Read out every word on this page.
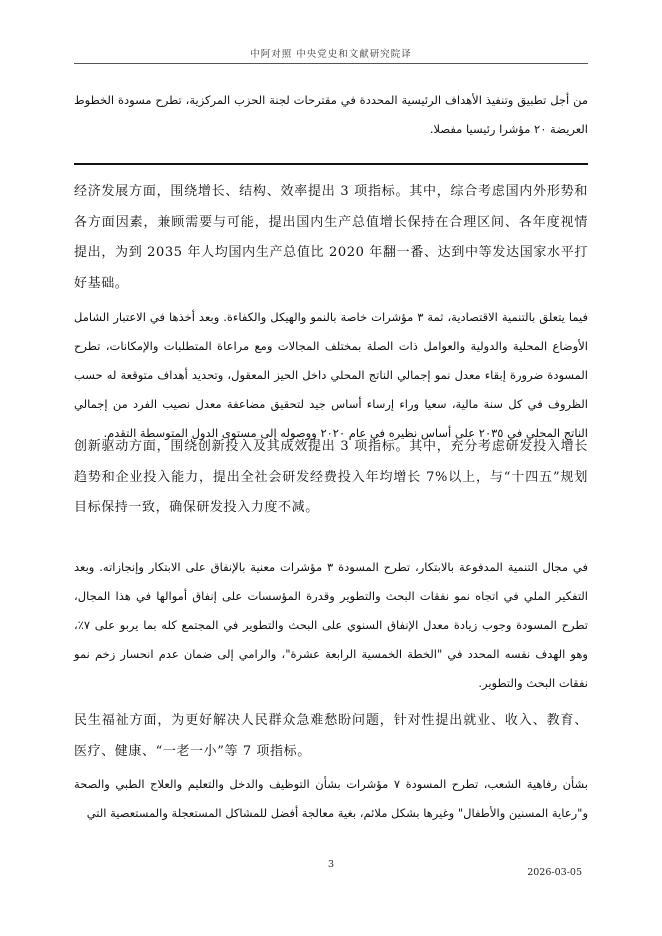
中阿对照 中央党史和文献研究院译

من أجل تطبيق وتنفيذ الأهداف الرئيسية المحددة في مقترحات لجنة الحزب المركزية، تطرح مسودة الخطوط العريضة ٢٠ مؤشرا رئيسيا مفصلا.

经济发展方面，围绕增长、结构、效率提出 3 项指标。其中，综合考虑国内外形势和各方面因素，兼顾需要与可能，提出国内生产总值增长保持在合理区间、各年度视情提出，为到 2035 年人均国内生产总值比 2020 年翻一番、达到中等发达国家水平打好基础。

فيما يتعلق بالتنمية الاقتصادية، ثمة ٣ مؤشرات خاصة بالنمو والهيكل والكفاءة. وبعد أخذها في الاعتبار الشامل الأوضاع المحلية والدولية والعوامل ذات الصلة بمختلف المجالات ومع مراعاة المتطلبات والإمكانات، تطرح المسودة ضرورة إبقاء معدل نمو إجمالي الناتج المحلي داخل الحيز المعقول، وتحديد أهداف متوقعة له حسب الظروف في كل سنة مالية، سعيا وراء إرساء أساس جيد لتحقيق مضاعفة معدل نصيب الفرد من إجمالي الناتج المحلي في ٢٠٣٥ على أساس نظيره في عام ٢٠٢٠ ووصوله إلى مستوى الدول المتوسطة التقدم.

创新驱动方面，围绕创新投入及其成效提出 3 项指标。其中，充分考虑研发投入增长趋势和企业投入能力，提出全社会研发经费投入年均增长 7%以上，与“十四五”规划目标保持一致，确保研发投入力度不减。

في مجال التنمية المدفوعة بالابتكار، تطرح المسودة ٣ مؤشرات معنية بالإنفاق على الابتكار وإنجازاته. وبعد التفكير الملي في اتجاه نمو نفقات البحث والتطوير وقدرة المؤسسات على إنفاق أموالها في هذا المجال، تطرح المسودة وجوب زيادة معدل الإنفاق السنوي على البحث والتطوير في المجتمع كله بما يربو على ٧٪، وهو الهدف نفسه المحدد في "الخطة الخمسية الرابعة عشرة"، والرامي إلى ضمان عدم انحسار زخم نمو نفقات البحث والتطوير.

民生福祉方面，为更好解决人民群众急难愁盼问题，针对性提出就业、收入、教育、医疗、健康、“一老一小”等 7 项指标。

بشأن رفاهية الشعب، تطرح المسودة ٧ مؤشرات بشأن التوظيف والدخل والتعليم والعلاج الطبي والصحة و"رعاية المسنين والأطفال" وغيرها بشكل ملائم، بغية معالجة أفضل للمشاكل المستعجلة والمستعصية التي

3
2026-03-05
